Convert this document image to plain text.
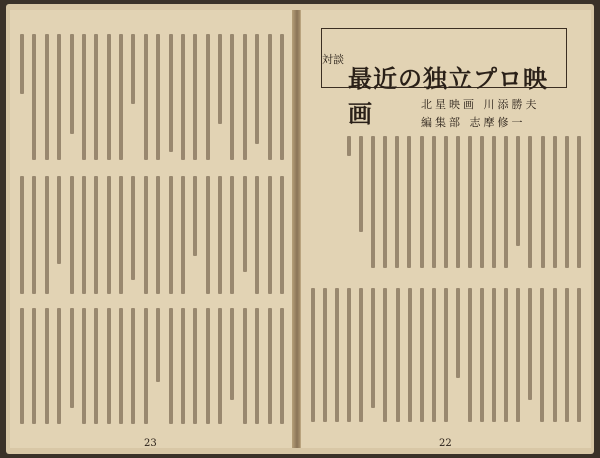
23
対談
最近の独立プロ映画	北星映画 川添勝夫
編集部 志摩修一
22
